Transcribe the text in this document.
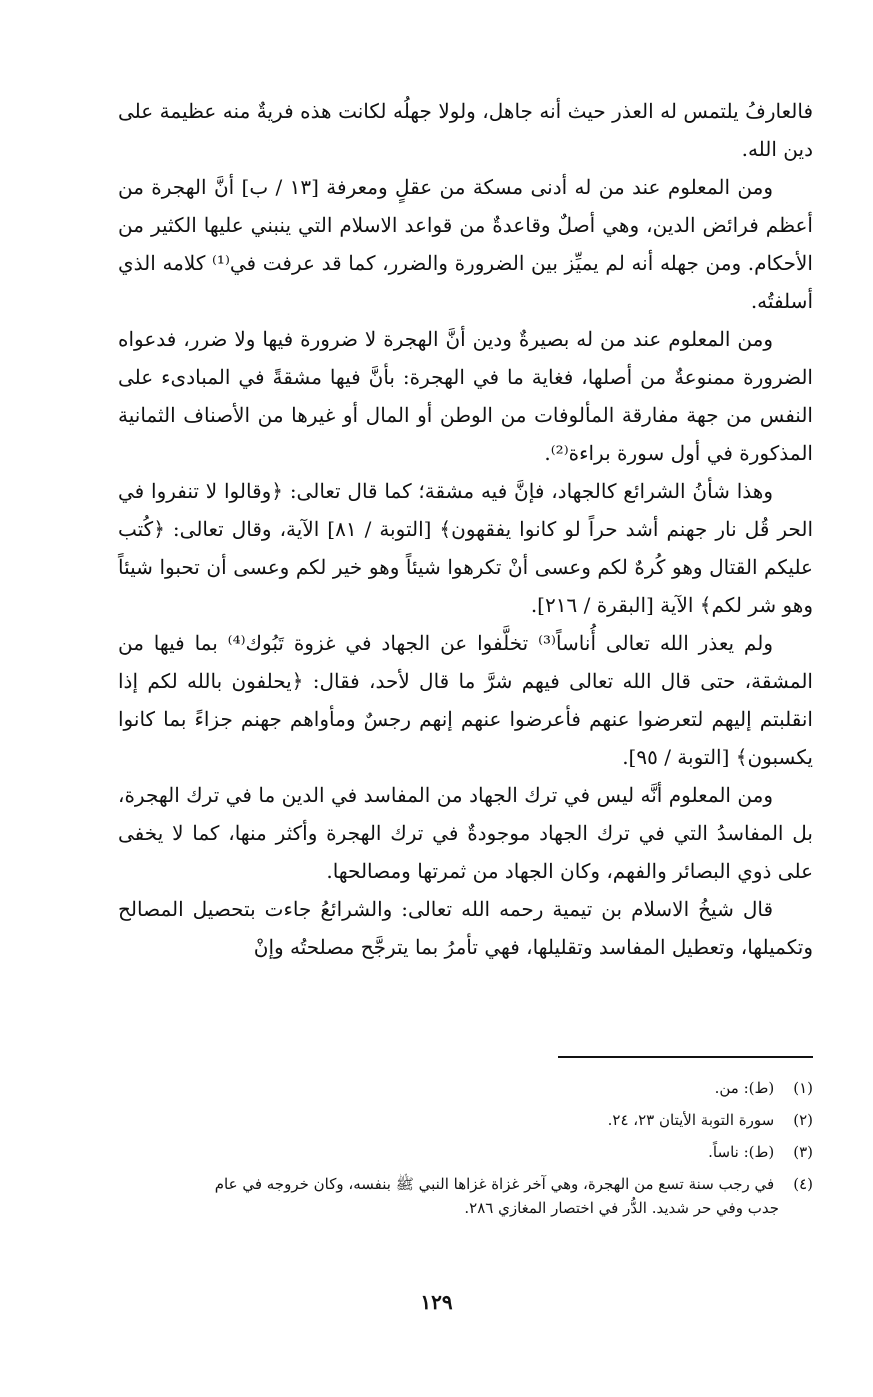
فالعارفُ يلتمس له العذر حيث أنه جاهل، ولولا جهلُه لكانت هذه فريةٌ منه عظيمة على دين الله.

ومن المعلوم عند من له أدنى مسكة من عقلٍ ومعرفة [١٣ / ب] أنَّ الهجرة من أعظم فرائض الدين، وهي أصلٌ وقاعدةٌ من قواعد الاسلام التي ينبني عليها الكثير من الأحكام. ومن جهله أنه لم يميِّز بين الضرورة والضرر، كما قد عرفت في⁽¹⁾ كلامه الذي أسلفتُه.

ومن المعلوم عند من له بصيرةٌ ودين أنَّ الهجرة لا ضرورة فيها ولا ضرر، فدعواه الضرورة ممنوعةٌ من أصلها، فغاية ما في الهجرة: بأنَّ فيها مشقةً في المبادىء على النفس من جهة مفارقة المألوفات من الوطن أو المال أو غيرها من الأصناف الثمانية المذكورة في أول سورة براءة⁽²⁾.

وهذا شأنُ الشرائع كالجهاد، فإنَّ فيه مشقة؛ كما قال تعالى: ﴿وقالوا لا تنفروا في الحر قُل نار جهنم أشد حراً لو كانوا يفقهون﴾ [التوبة / ٨١] الآية، وقال تعالى: ﴿كُتب عليكم القتال وهو كُرهٌ لكم وعسى أنْ تكرهوا شيئاً وهو خير لكم وعسى أن تحبوا شيئاً وهو شر لكم﴾ الآية [البقرة / ٢١٦].

ولم يعذر الله تعالى أُناساً⁽³⁾ تخلَّفوا عن الجهاد في غزوة تَبُوك⁽⁴⁾ بما فيها من المشقة، حتى قال الله تعالى فيهم شرَّ ما قال لأحد، فقال: ﴿يحلفون بالله لكم إذا انقلبتم إليهم لتعرضوا عنهم فأعرضوا عنهم إنهم رجسٌ ومأواهم جهنم جزاءً بما كانوا يكسبون﴾ [التوبة / ٩٥].

ومن المعلوم أنَّه ليس في ترك الجهاد من المفاسد في الدين ما في ترك الهجرة، بل المفاسدُ التي في ترك الجهاد موجودةٌ في ترك الهجرة وأكثر منها، كما لا يخفى على ذوي البصائر والفهم، وكان الجهاد من ثمرتها ومصالحها.

قال شيخُ الاسلام بن تيمية رحمه الله تعالى: والشرائعُ جاءت بتحصيل المصالح وتكميلها، وتعطيل المفاسد وتقليلها، فهي تأمرُ بما يترجَّح مصلحتُه وإنْ

(١) (ط): من.
(٢) سورة التوبة الأيتان ٢٣، ٢٤.
(٣) (ط): ناساً.
(٤) في رجب سنة تسع من الهجرة، وهي آخر غزاة غزاها النبي ﷺ بنفسه، وكان خروجه في عام
جدب وفي حر شديد. الدُّر في اختصار المغازي ٢٨٦.
١٢٩
